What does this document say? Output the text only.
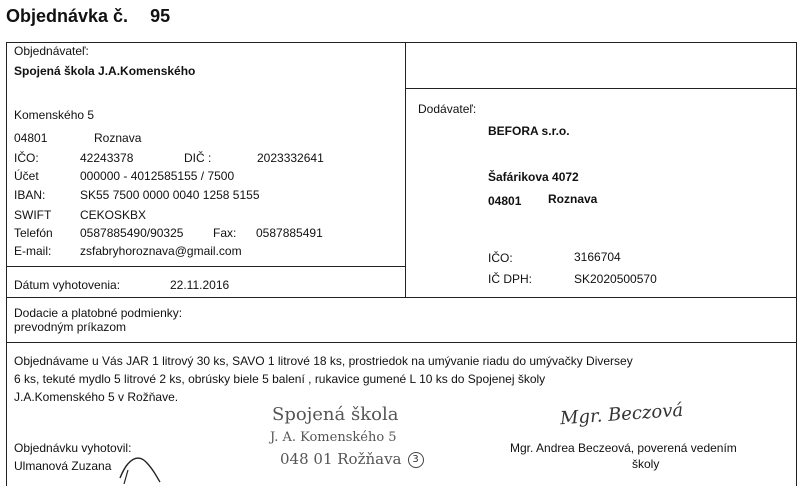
Objednávka č. 95
Objednávateľ:
Spojená škola J.A.Komenského
Komenského 5
04801	Roznava
IČO:	42243378	DIČ :	2023332641
Účet	000000 - 4012585155 / 7500
IBAN:	SK55 7500 0000 0040 1258 5155
SWIFT CEKOSKBX
Telefón 0587885490/90325 Fax: 0587885491
E-mail: zsfabryhoroznava@gmail.com
Dátum vyhotovenia:	22.11.2016
Dodávateľ:
BEFORA s.r.o.
Šafárikova 4072
04801 Roznava
IČO:	3166704
IČ DPH:	SK2020500570
Dodacie a platobné podmienky:
prevodným príkazom
Objednávame u Vás JAR 1 litrový 30 ks, SAVO 1 litrové 18 ks, prostriedok na umývanie riadu do umývačky Diversey
6 ks, tekuté mydlo 5 litrové 2 ks, obrúsky biele 5 balení , rukavice gumené L 10 ks do Spojenej školy
J.A.Komenského 5 v Rožňave.
Objednávku vyhotovil:
Ulmanová Zuzana
Spojená škola
J. A. Komenského 5
048 01 Rožňava 3
Mgr. Beczová
Mgr. Andrea Beczeová, poverená vedením
školy
